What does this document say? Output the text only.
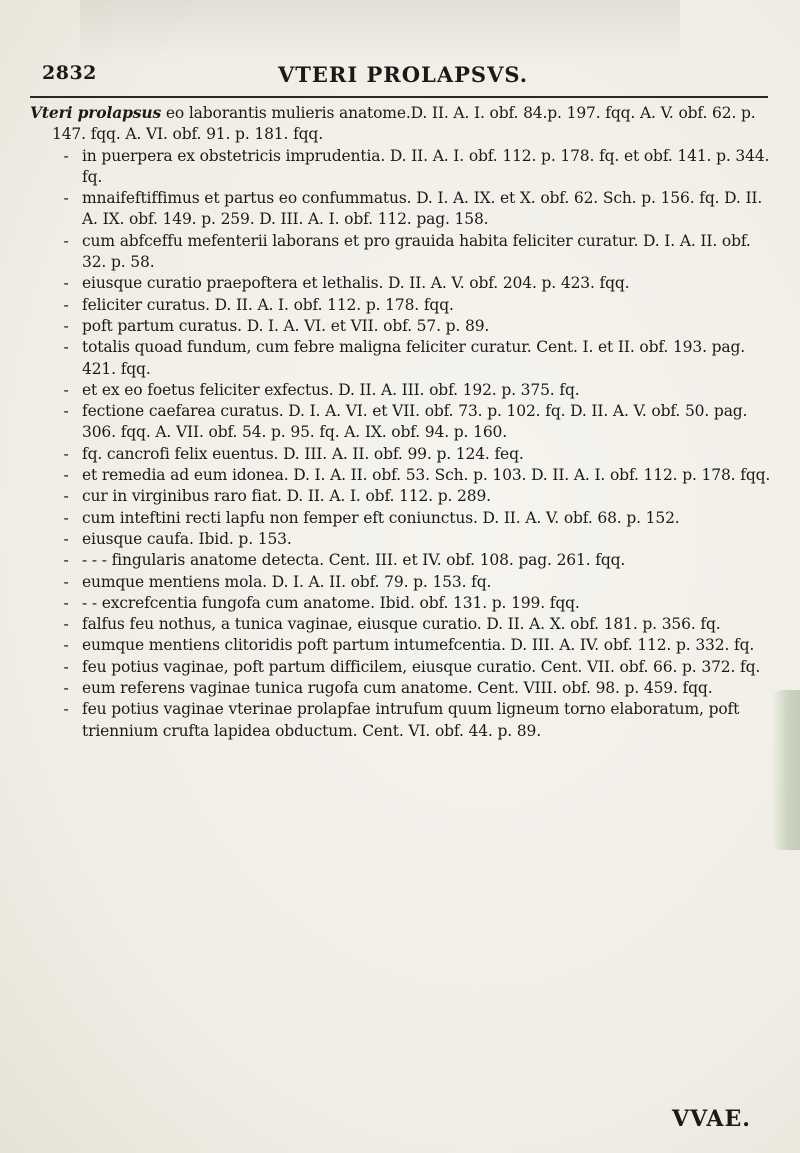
2832	VTERI PROLAPSVS.
Vteri prolapsus eo laborantis mulieris anatome.D. II. A. I. obf. 84.p. 197. fqq. A. V. obf. 62. p. 147. fqq. A. VI. obf. 91. p. 181. fqq.
- in puerpera ex obstetricis imprudentia. D. II. A. I. obf. 112. p. 178. fq. et obf. 141. p. 344. fq.
- mnaifeftiffimus et partus eo confummatus. D. I. A. IX. et X. obf. 62. Sch. p. 156. fq. D. II. A. IX. obf. 149. p. 259. D. III. A. I. obf. 112. pag. 158.
- cum abfceffu mefenterii laborans et pro grauida habita feliciter curatur. D. I. A. II. obf. 32. p. 58.
- eiusque curatio praepoftera et lethalis. D. II. A. V. obf. 204. p. 423. fqq.
- feliciter curatus. D. II. A. I. obf. 112. p. 178. fqq.
- poft partum curatus. D. I. A. VI. et VII. obf. 57. p. 89.
- totalis quoad fundum, cum febre maligna feliciter curatur. Cent. I. et II. obf. 193. pag. 421. fqq.
- et ex eo foetus feliciter exfectus. D. II. A. III. obf. 192. p. 375. fq.
- fectione caefarea curatus. D. I. A. VI. et VII. obf. 73. p. 102. fq. D. II. A. V. obf. 50. pag. 306. fqq. A. VII. obf. 54. p. 95. fq. A. IX. obf. 94. p. 160.
- fq. cancrofi felix euentus. D. III. A. II. obf. 99. p. 124. feq.
- et remedia ad eum idonea. D. I. A. II. obf. 53. Sch. p. 103. D. II. A. I. obf. 112. p. 178. fqq.
- cur in virginibus raro fiat. D. II. A. I. obf. 112. p. 289.
- cum inteftini recti lapfu non femper eft coniunctus. D. II. A. V. obf. 68. p. 152.
- eiusque caufa. Ibid. p. 153.
- - - - fingularis anatome detecta. Cent. III. et IV. obf. 108. pag. 261. fqq.
- eumque mentiens mola. D. I. A. II. obf. 79. p. 153. fq.
- - - excrefcentia fungofa cum anatome. Ibid. obf. 131. p. 199. fqq.
- falfus feu nothus, a tunica vaginae, eiusque curatio. D. II. A. X. obf. 181. p. 356. fq.
- eumque mentiens clitoridis poft partum intumefcentia. D. III. A. IV. obf. 112. p. 332. fq.
- feu potius vaginae, poft partum difficilem, eiusque curatio. Cent. VII. obf. 66. p. 372. fq.
- eum referens vaginae tunica rugofa cum anatome. Cent. VIII. obf. 98. p. 459. fqq.
- feu potius vaginae vterinae prolapfae intrufum quum ligneum torno elaboratum, poft triennium crufta lapidea obductum. Cent. VI. obf. 44. p. 89.
VVAE.
